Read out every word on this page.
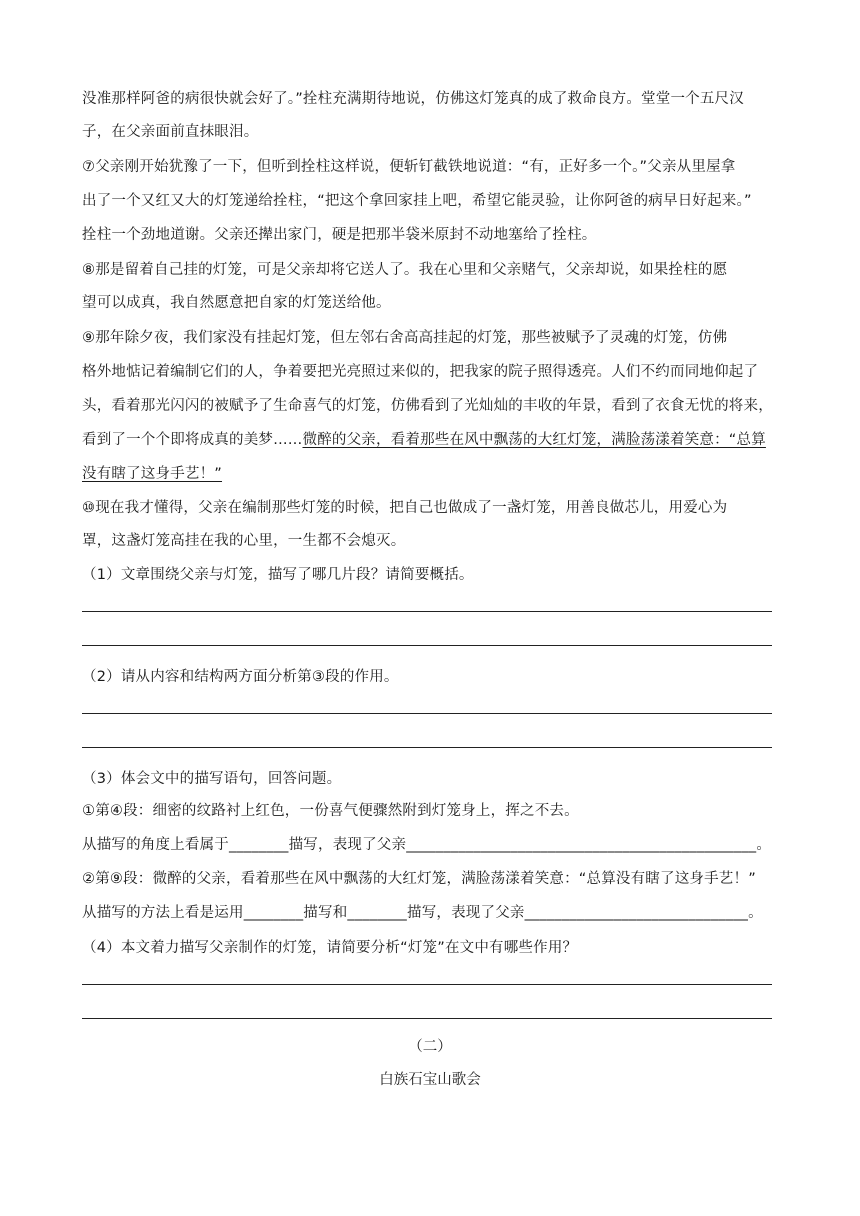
没准那样阿爸的病很快就会好了。”拴柱充满期待地说，仿佛这灯笼真的成了救命良方。堂堂一个五尺汉
子，在父亲面前直抹眼泪。
⑦父亲刚开始犹豫了一下，但听到拴柱这样说，便斩钉截铁地说道：“有，正好多一个。”父亲从里屋拿
出了一个又红又大的灯笼递给拴柱，“把这个拿回家挂上吧，希望它能灵验，让你阿爸的病早日好起来。”
拴柱一个劲地道谢。父亲还撵出家门，硬是把那半袋米原封不动地塞给了拴柱。
⑧那是留着自己挂的灯笼，可是父亲却将它送人了。我在心里和父亲赌气，父亲却说，如果拴柱的愿
望可以成真，我自然愿意把自家的灯笼送给他。
⑨那年除夕夜，我们家没有挂起灯笼，但左邻右舍高高挂起的灯笼，那些被赋予了灵魂的灯笼，仿佛
格外地惦记着编制它们的人，争着要把光亮照过来似的，把我家的院子照得透亮。人们不约而同地仰起了
头，看着那光闪闪的被赋予了生命喜气的灯笼，仿佛看到了光灿灿的丰收的年景，看到了衣食无忧的将来，
看到了一个个即将成真的美梦……微醉的父亲，看着那些在风中飘荡的大红灯笼，满脸荡漾着笑意：“总算
没有瞎了这身手艺！”
⑩现在我才懂得，父亲在编制那些灯笼的时候，把自己也做成了一盏灯笼，用善良做芯儿，用爱心为
罩，这盏灯笼高挂在我的心里，一生都不会熄灭。
（1）文章围绕父亲与灯笼，描写了哪几片段？请简要概括。
（2）请从内容和结构两方面分析第③段的作用。
（3）体会文中的描写语句，回答问题。
①第④段：细密的纹路衬上红色，一份喜气便骤然附到灯笼身上，挥之不去。
从描写的角度上看属于________描写，表现了父亲_______________________________________________。
②第⑨段：微醉的父亲，看着那些在风中飘荡的大红灯笼，满脸荡漾着笑意：“总算没有瞎了这身手艺！”
从描写的方法上看是运用________描写和________描写，表现了父亲______________________________。
（4）本文着力描写父亲制作的灯笼，请简要分析“灯笼”在文中有哪些作用？
（二）
白族石宝山歌会
